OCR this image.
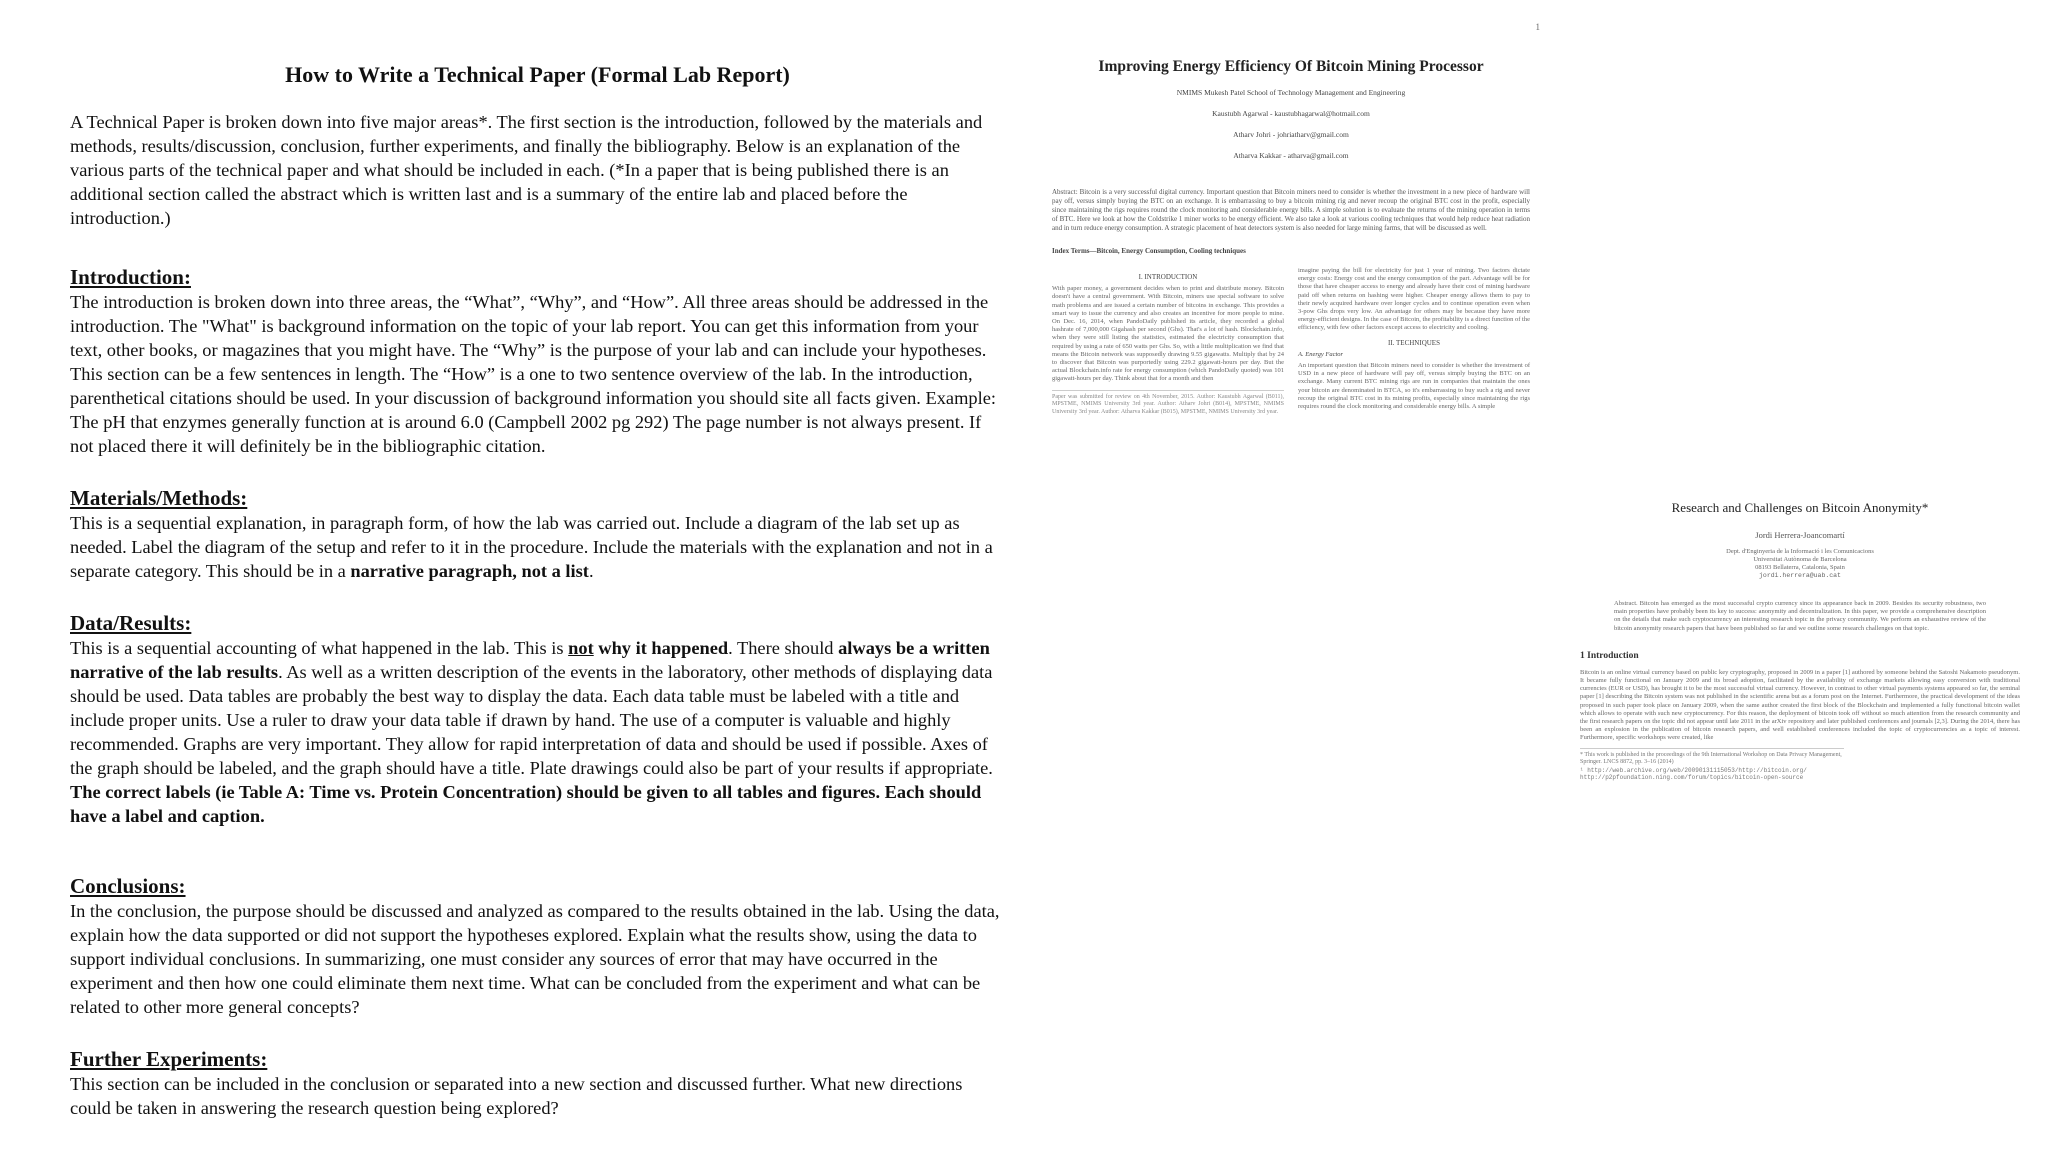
How to Write a Technical Paper (Formal Lab Report)

A Technical Paper is broken down into five major areas*. The first section is the introduction, followed by the materials and methods, results/discussion, conclusion, further experiments, and finally the bibliography. Below is an explanation of the various parts of the technical paper and what should be included in each. (*In a paper that is being published there is an additional section called the abstract which is written last and is a summary of the entire lab and placed before the introduction.)

Introduction:

The introduction is broken down into three areas, the “What”, “Why”, and “How”. All three areas should be addressed in the introduction. The "What" is background information on the topic of your lab report. You can get this information from your text, other books, or magazines that you might have. The “Why” is the purpose of your lab and can include your hypotheses. This section can be a few sentences in length. The “How” is a one to two sentence overview of the lab. In the introduction, parenthetical citations should be used. In your discussion of background information you should site all facts given. Example: The pH that enzymes generally function at is around 6.0 (Campbell 2002 pg 292) The page number is not always present. If not placed there it will definitely be in the bibliographic citation.

Materials/Methods:

This is a sequential explanation, in paragraph form, of how the lab was carried out. Include a diagram of the lab set up as needed. Label the diagram of the setup and refer to it in the procedure. Include the materials with the explanation and not in a separate category. This should be in a narrative paragraph, not a list.

Data/Results:

This is a sequential accounting of what happened in the lab. This is not why it happened. There should always be a written narrative of the lab results. As well as a written description of the events in the laboratory, other methods of displaying data should be used. Data tables are probably the best way to display the data. Each data table must be labeled with a title and include proper units. Use a ruler to draw your data table if drawn by hand. The use of a computer is valuable and highly recommended. Graphs are very important. They allow for rapid interpretation of data and should be used if possible. Axes of the graph should be labeled, and the graph should have a title. Plate drawings could also be part of your results if appropriate.
The correct labels (ie Table A: Time vs. Protein Concentration) should be given to all tables and figures. Each should have a label and caption.

Conclusions:

In the conclusion, the purpose should be discussed and analyzed as compared to the results obtained in the lab. Using the data, explain how the data supported or did not support the hypotheses explored. Explain what the results show, using the data to support individual conclusions. In summarizing, one must consider any sources of error that may have occurred in the experiment and then how one could eliminate them next time. What can be concluded from the experiment and what can be related to other more general concepts?

Further Experiments:

This section can be included in the conclusion or separated into a new section and discussed further. What new directions could be taken in answering the research question being explored?

1
Improving Energy Efficiency Of Bitcoin Mining Processor
NMIMS Mukesh Patel School of Technology Management and Engineering
Kaustubh Agarwal - kaustubhagarwal@hotmail.com
Atharv Johri - johriatharv@gmail.com
Atharva Kakkar - atharva@gmail.com
Abstract: Bitcoin is a very successful digital currency. Important question that Bitcoin miners need to consider is whether the investment in a new piece of hardware will pay off, versus simply buying the BTC on an exchange. It is embarrassing to buy a bitcoin mining rig and never recoup the original BTC cost in the profit, especially since maintaining the rigs requires round the clock monitoring and considerable energy bills. A simple solution is to evaluate the returns of the mining operation in terms of BTC. Here we look at how the Coldstrike 1 miner works to be energy efficient. We also take a look at various cooling techniques that would help reduce heat radiation and in turn reduce energy consumption. A strategic placement of heat detectors system is also needed for large mining farms, that will be discussed as well.
Index Terms—Bitcoin, Energy Consumption, Cooling techniques
I. INTRODUCTION
With paper money, a government decides when to print and distribute money. Bitcoin doesn't have a central government. With Bitcoin, miners use special software to solve math problems and are issued a certain number of bitcoins in exchange. This provides a smart way to issue the currency and also creates an incentive for more people to mine. On Dec. 16, 2014, when PandoDaily published its article, they recorded a global hashrate of 7,000,000 Gigahash per second (Ghs). That's a lot of hash. Blockchain.info, when they were still listing the statistics, estimated the electricity consumption that required by using a rate of 650 watts per Ghs. So, with a little multiplication we find that means the Bitcoin network was supposedly drawing 9.55 gigawatts. Multiply that by 24 to discover that Bitcoin was purportedly using 229.2 gigawatt-hours per day. But the actual Blockchain.info rate for energy consumption (which PandoDaily quoted) was 101 gigawatt-hours per day. Think about that for a month and then
Paper was submitted for review on 4th November, 2015. Author: Kaustubh Agarwal (B011), MPSTME, NMIMS University 3rd year. Author: Atharv Johri (B014), MPSTME, NMIMS University 3rd year. Author: Atharva Kakkar (B015), MPSTME, NMIMS University 3rd year.
imagine paying the bill for electricity for just 1 year of mining. Two factors dictate energy costs: Energy cost and the energy consumption of the part. Advantage will be for those that have cheaper access to energy and already have their cost of mining hardware paid off when returns on hashing were higher. Cheaper energy allows them to pay to their newly acquired hardware over longer cycles and to continue operation even when 3-pow Ghs drops very low. An advantage for others may be because they have more energy-efficient designs. In the case of Bitcoin, the profitability is a direct function of the efficiency, with few other factors except access to electricity and cooling.
II. TECHNIQUES
A. Energy Factor
An important question that Bitcoin miners need to consider is whether the investment of USD in a new piece of hardware will pay off, versus simply buying the BTC on an exchange. Many current BTC mining rigs are run in companies that maintain the ones your bitcoin are denominated in BTCA, so it's embarrassing to buy such a rig and never recoup the original BTC cost in its mining profits, especially since maintaining the rigs requires round the clock monitoring and considerable energy bills. A simple
Research and Challenges on Bitcoin Anonymity*
Jordi Herrera-Joancomartí
Dept. d'Enginyeria de la Informació i les Comunicacions
Universitat Autònoma de Barcelona
08193 Bellaterra, Catalonia, Spain
jordi.herrera@uab.cat
Abstract. Bitcoin has emerged as the most successful crypto currency since its appearance back in 2009. Besides its security robustness, two main properties have probably been its key to success: anonymity and decentralization. In this paper, we provide a comprehensive description on the details that make such cryptocurrency an interesting research topic in the privacy community. We perform an exhaustive review of the bitcoin anonymity research papers that have been published so far and we outline some research challenges on that topic.
1 Introduction
Bitcoin is an online virtual currency based on public key cryptography, proposed in 2009 in a paper [1] authored by someone behind the Satoshi Nakamoto pseudonym. It became fully functional on January 2009 and its broad adoption, facilitated by the availability of exchange markets allowing easy conversion with traditional currencies (EUR or USD), has brought it to be the most successful virtual currency. However, in contrast to other virtual payments systems appeared so far, the seminal paper [1] describing the Bitcoin system was not published in the scientific arena but as a forum post on the Internet. Furthermore, the practical development of the ideas proposed in such paper took place on January 2009, when the same author created the first block of the Blockchain and implemented a fully functional bitcoin wallet which allows to operate with such new cryptocurrency. For this reason, the deployment of bitcoin took off without so much attention from the research community and the first research papers on the topic did not appear until late 2011 in the arXiv repository and later published conferences and journals [2,3]. During the 2014, there has been an explosion in the publication of bitcoin research papers, and well established conferences included the topic of cryptocurrencies as a topic of interest. Furthermore, specific workshops were created, like
* This work is published in the proceedings of the 9th International Workshop on Data Privacy Management, Springer. LNCS 8872, pp. 3–16 (2014)
¹ http://web.archive.org/web/20090131115053/http://bitcoin.org/
http://p2pfoundation.ning.com/forum/topics/bitcoin-open-source
